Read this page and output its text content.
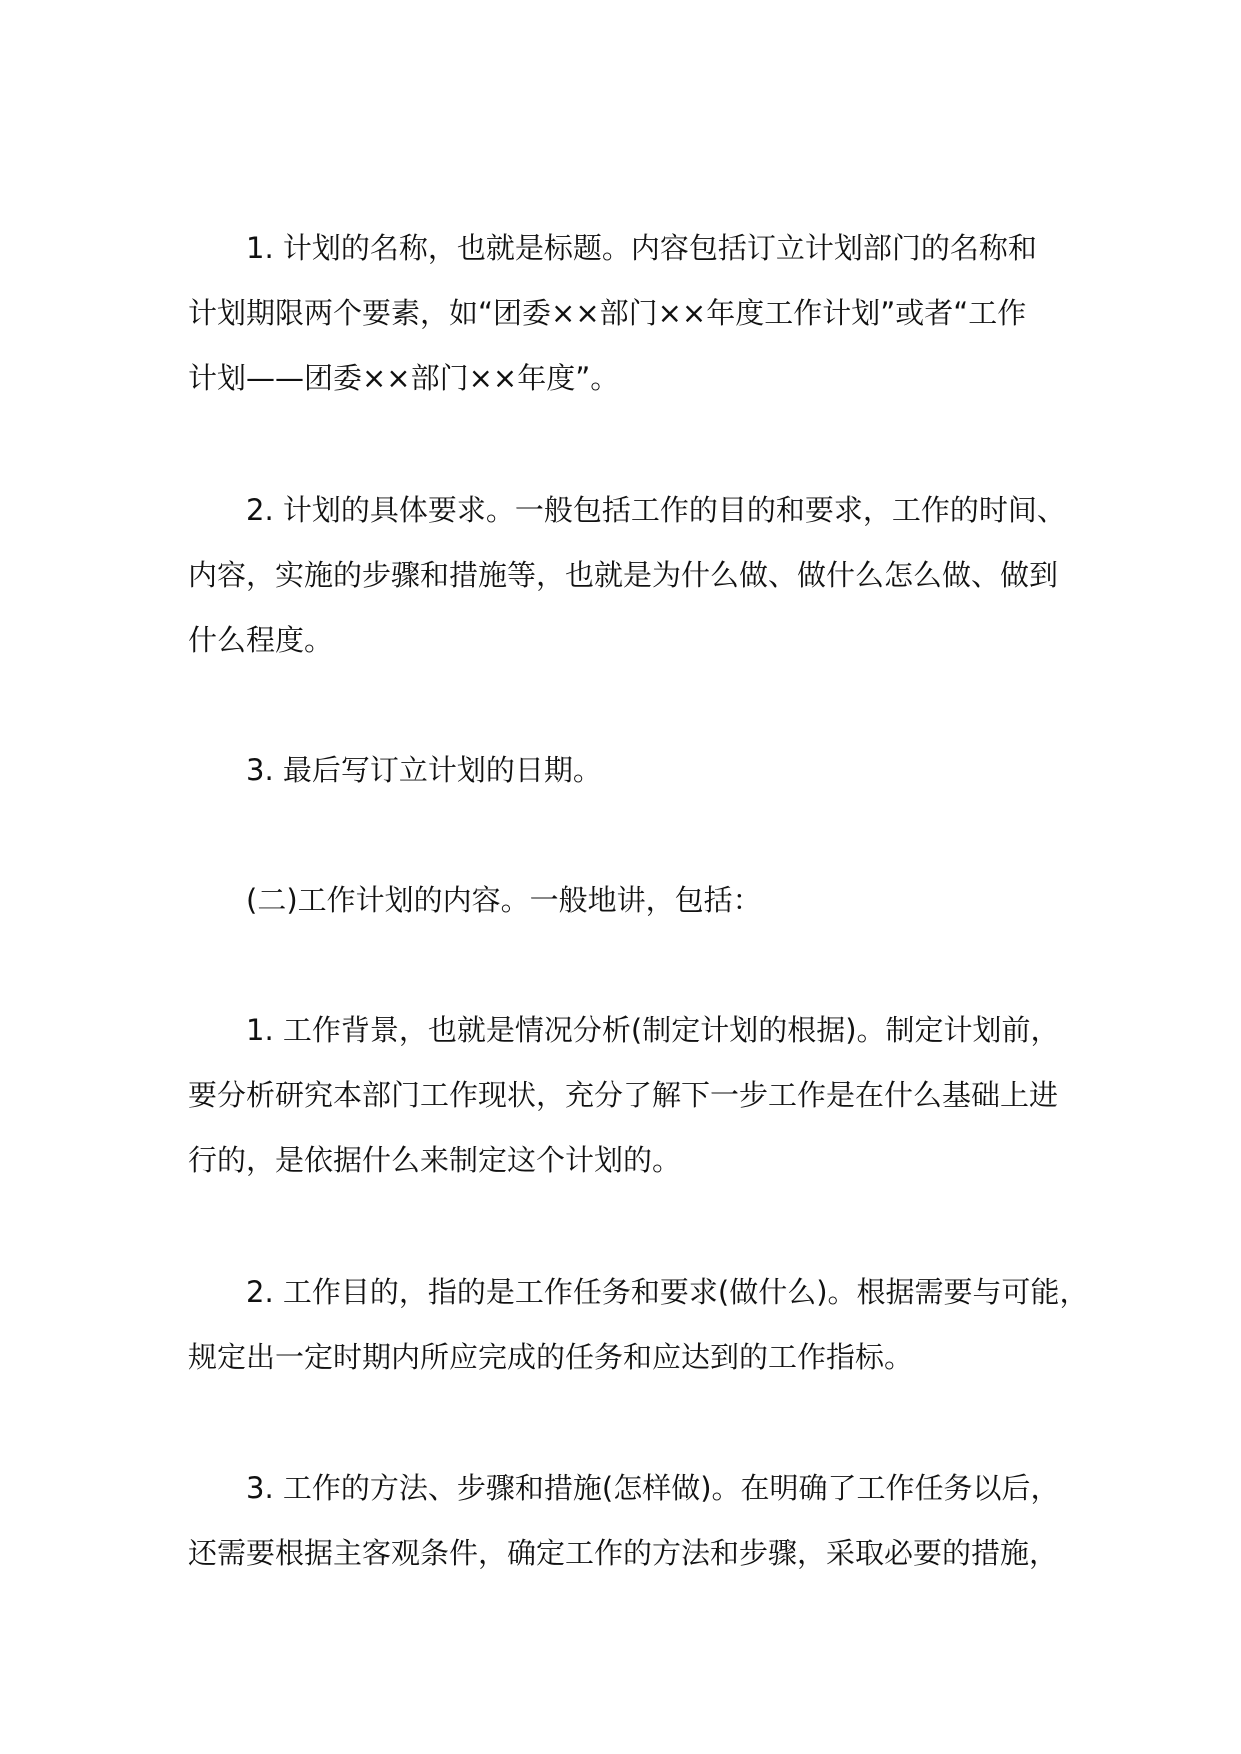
1. 计划的名称，也就是标题。内容包括订立计划部门的名称和
计划期限两个要素，如“团委××部门××年度工作计划”或者“工作
计划——团委××部门××年度”。
2. 计划的具体要求。一般包括工作的目的和要求，工作的时间、
内容，实施的步骤和措施等，也就是为什么做、做什么怎么做、做到
什么程度。
3. 最后写订立计划的日期。
(二)工作计划的内容。一般地讲，包括：
1. 工作背景，也就是情况分析(制定计划的根据)。制定计划前，
要分析研究本部门工作现状，充分了解下一步工作是在什么基础上进
行的，是依据什么来制定这个计划的。
2. 工作目的，指的是工作任务和要求(做什么)。根据需要与可能，
规定出一定时期内所应完成的任务和应达到的工作指标。
3. 工作的方法、步骤和措施(怎样做)。在明确了工作任务以后，
还需要根据主客观条件，确定工作的方法和步骤，采取必要的措施，
